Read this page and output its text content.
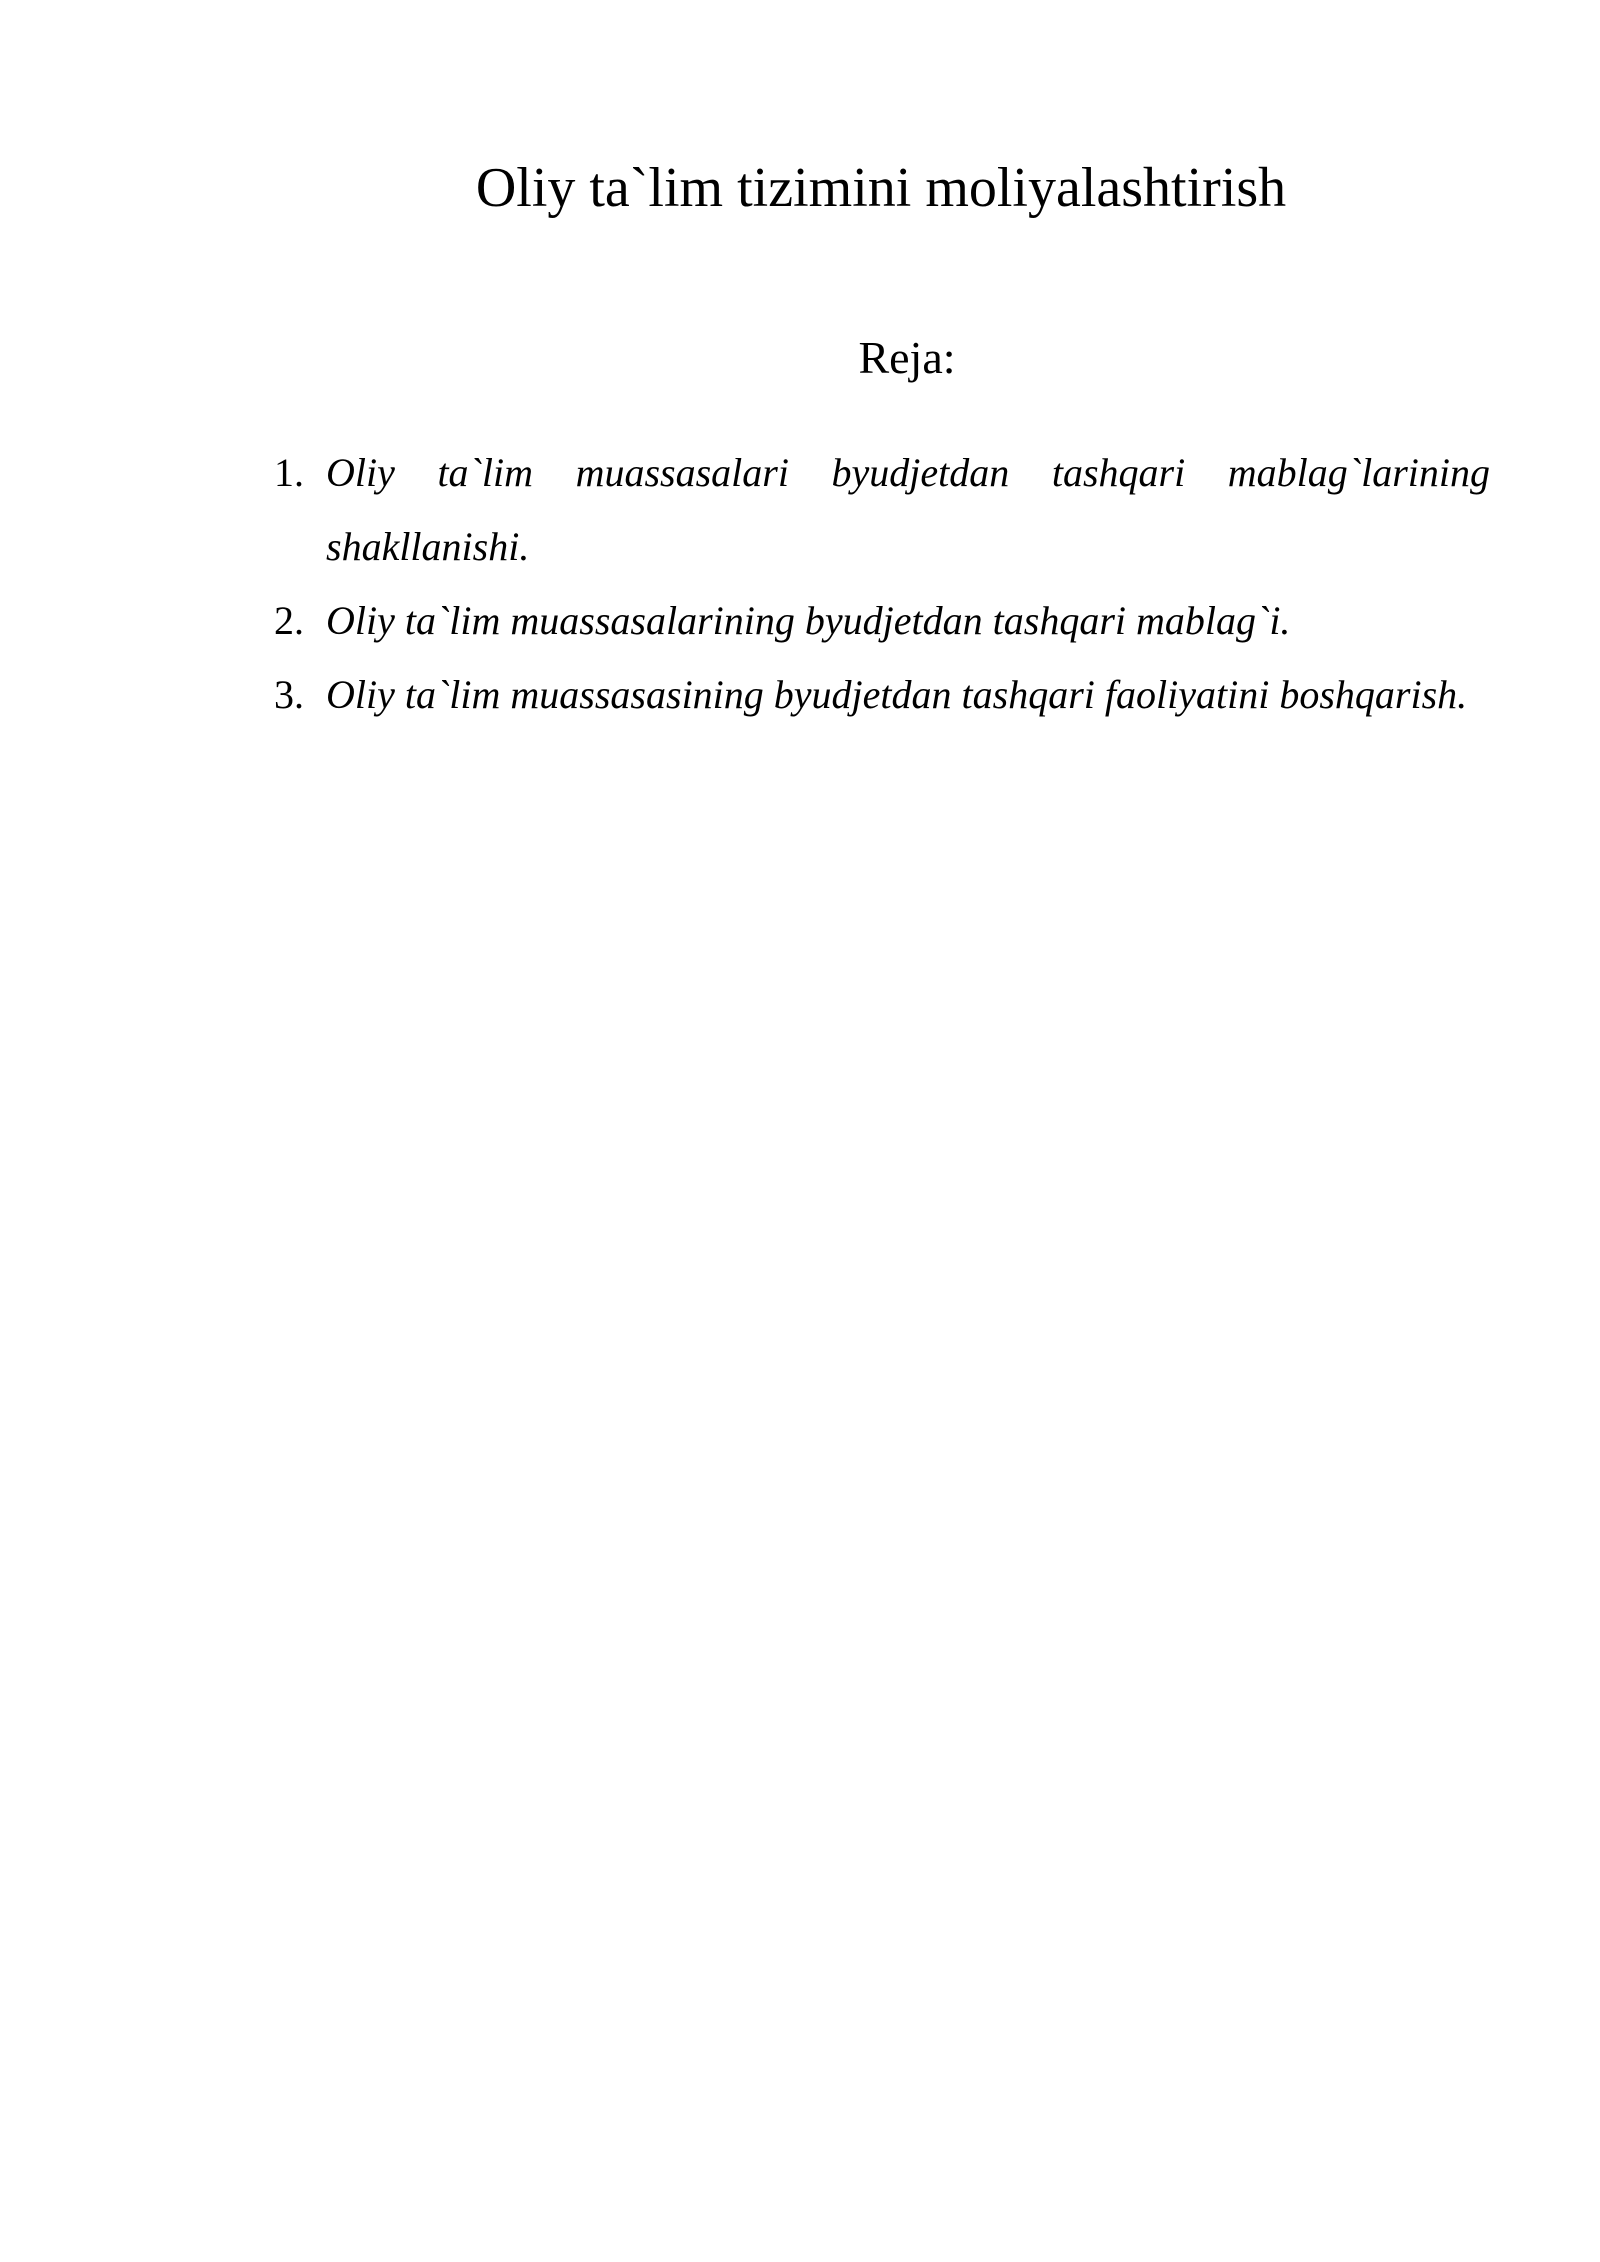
Oliy ta`lim tizimini moliyalashtirish
Reja:
1. Oliy ta`lim muassasalari byudjetdan tashqari mablag`larining shakllanishi.
2. Oliy ta`lim muassasalarining byudjetdan tashqari mablag`i.
3. Oliy ta`lim muassasasining byudjetdan tashqari faoliyatini boshqarish.
